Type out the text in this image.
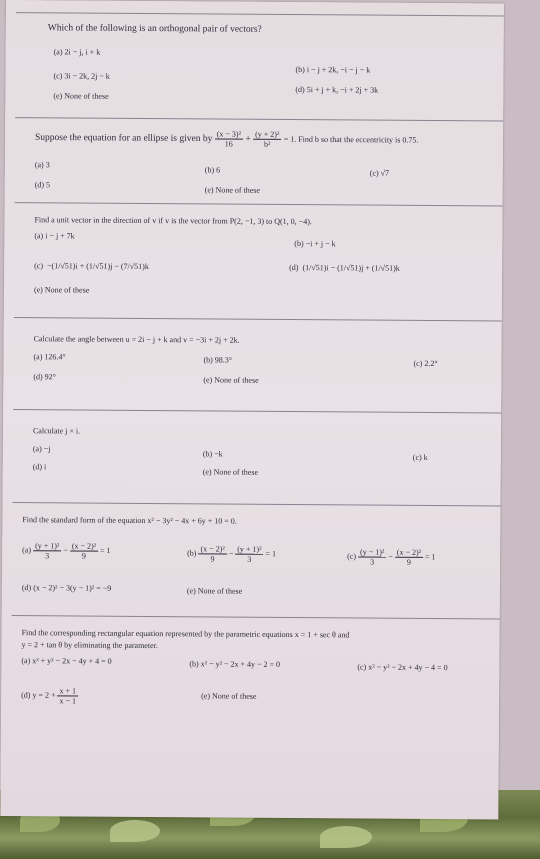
Which of the following is an orthogonal pair of vectors?
(a) 2i − j, i + k
(b) i − j + 2k, −i − j − k
(c) 3i − 2k, 2j − k
(d) 5i + j + k, −i + 2j + 3k
(e) None of these
Suppose the equation for an ellipse is given by $\frac{\text{(x − 3)²}}{16} + \frac{\text{(y + 2)²}}{\text{b²}} = 1$. Find b so that the eccentricity is 0.75.
(a) 3
(b) 6	(c) √7
(d) 5
(e) None of these
Find a unit vector in the direction of v if v is the vector from P(2, −1, 3) to Q(1, 0, −4).
(a) i − j + 7k
(b) −i + j − k
(c) −(1/√51)i + (1/√51)j − (7/√51)k	(d) (1/√51)i − (1/√51)j + (1/√51)k
(e) None of these
Calculate the angle between u = 2i − j + k and v = −3i + 2j + 2k.
(a) 126.4°	(b) 98.3°	(c) 2.2°
(d) 92°	(e) None of these
Calculate j × i.
(a) −j
(b) −k	(c) k
(d) i
(e) None of these
Find the standard form of the equation x² − 3y² − 4x + 6y + 10 = 0.
$(a) \frac{\text{(y + 1)²}}{3} - \frac{\text{(x − 2)²}}{9} = 1$	$(b) \frac{\text{(x − 2)²}}{9} - \frac{\text{(y + 1)²}}{3} = 1$	$(c) \frac{\text{(y − 1)²}}{3} - \frac{\text{(x − 2)²}}{9} = 1$
(d) (x − 2)² − 3(y − 1)² = −9	(e) None of these
Find the corresponding rectangular equation represented by the parametric equations x = 1 + sec θ and
y = 2 + tan θ by eliminating the parameter.
(a) x² + y² − 2x − 4y + 4 = 0	(b) x² − y² − 2x + 4y − 2 = 0	(c) x² − y² − 2x + 4y − 4 = 0
(d) $y = 2 + \frac{x + 1}{x - 1}$	(e) None of these
